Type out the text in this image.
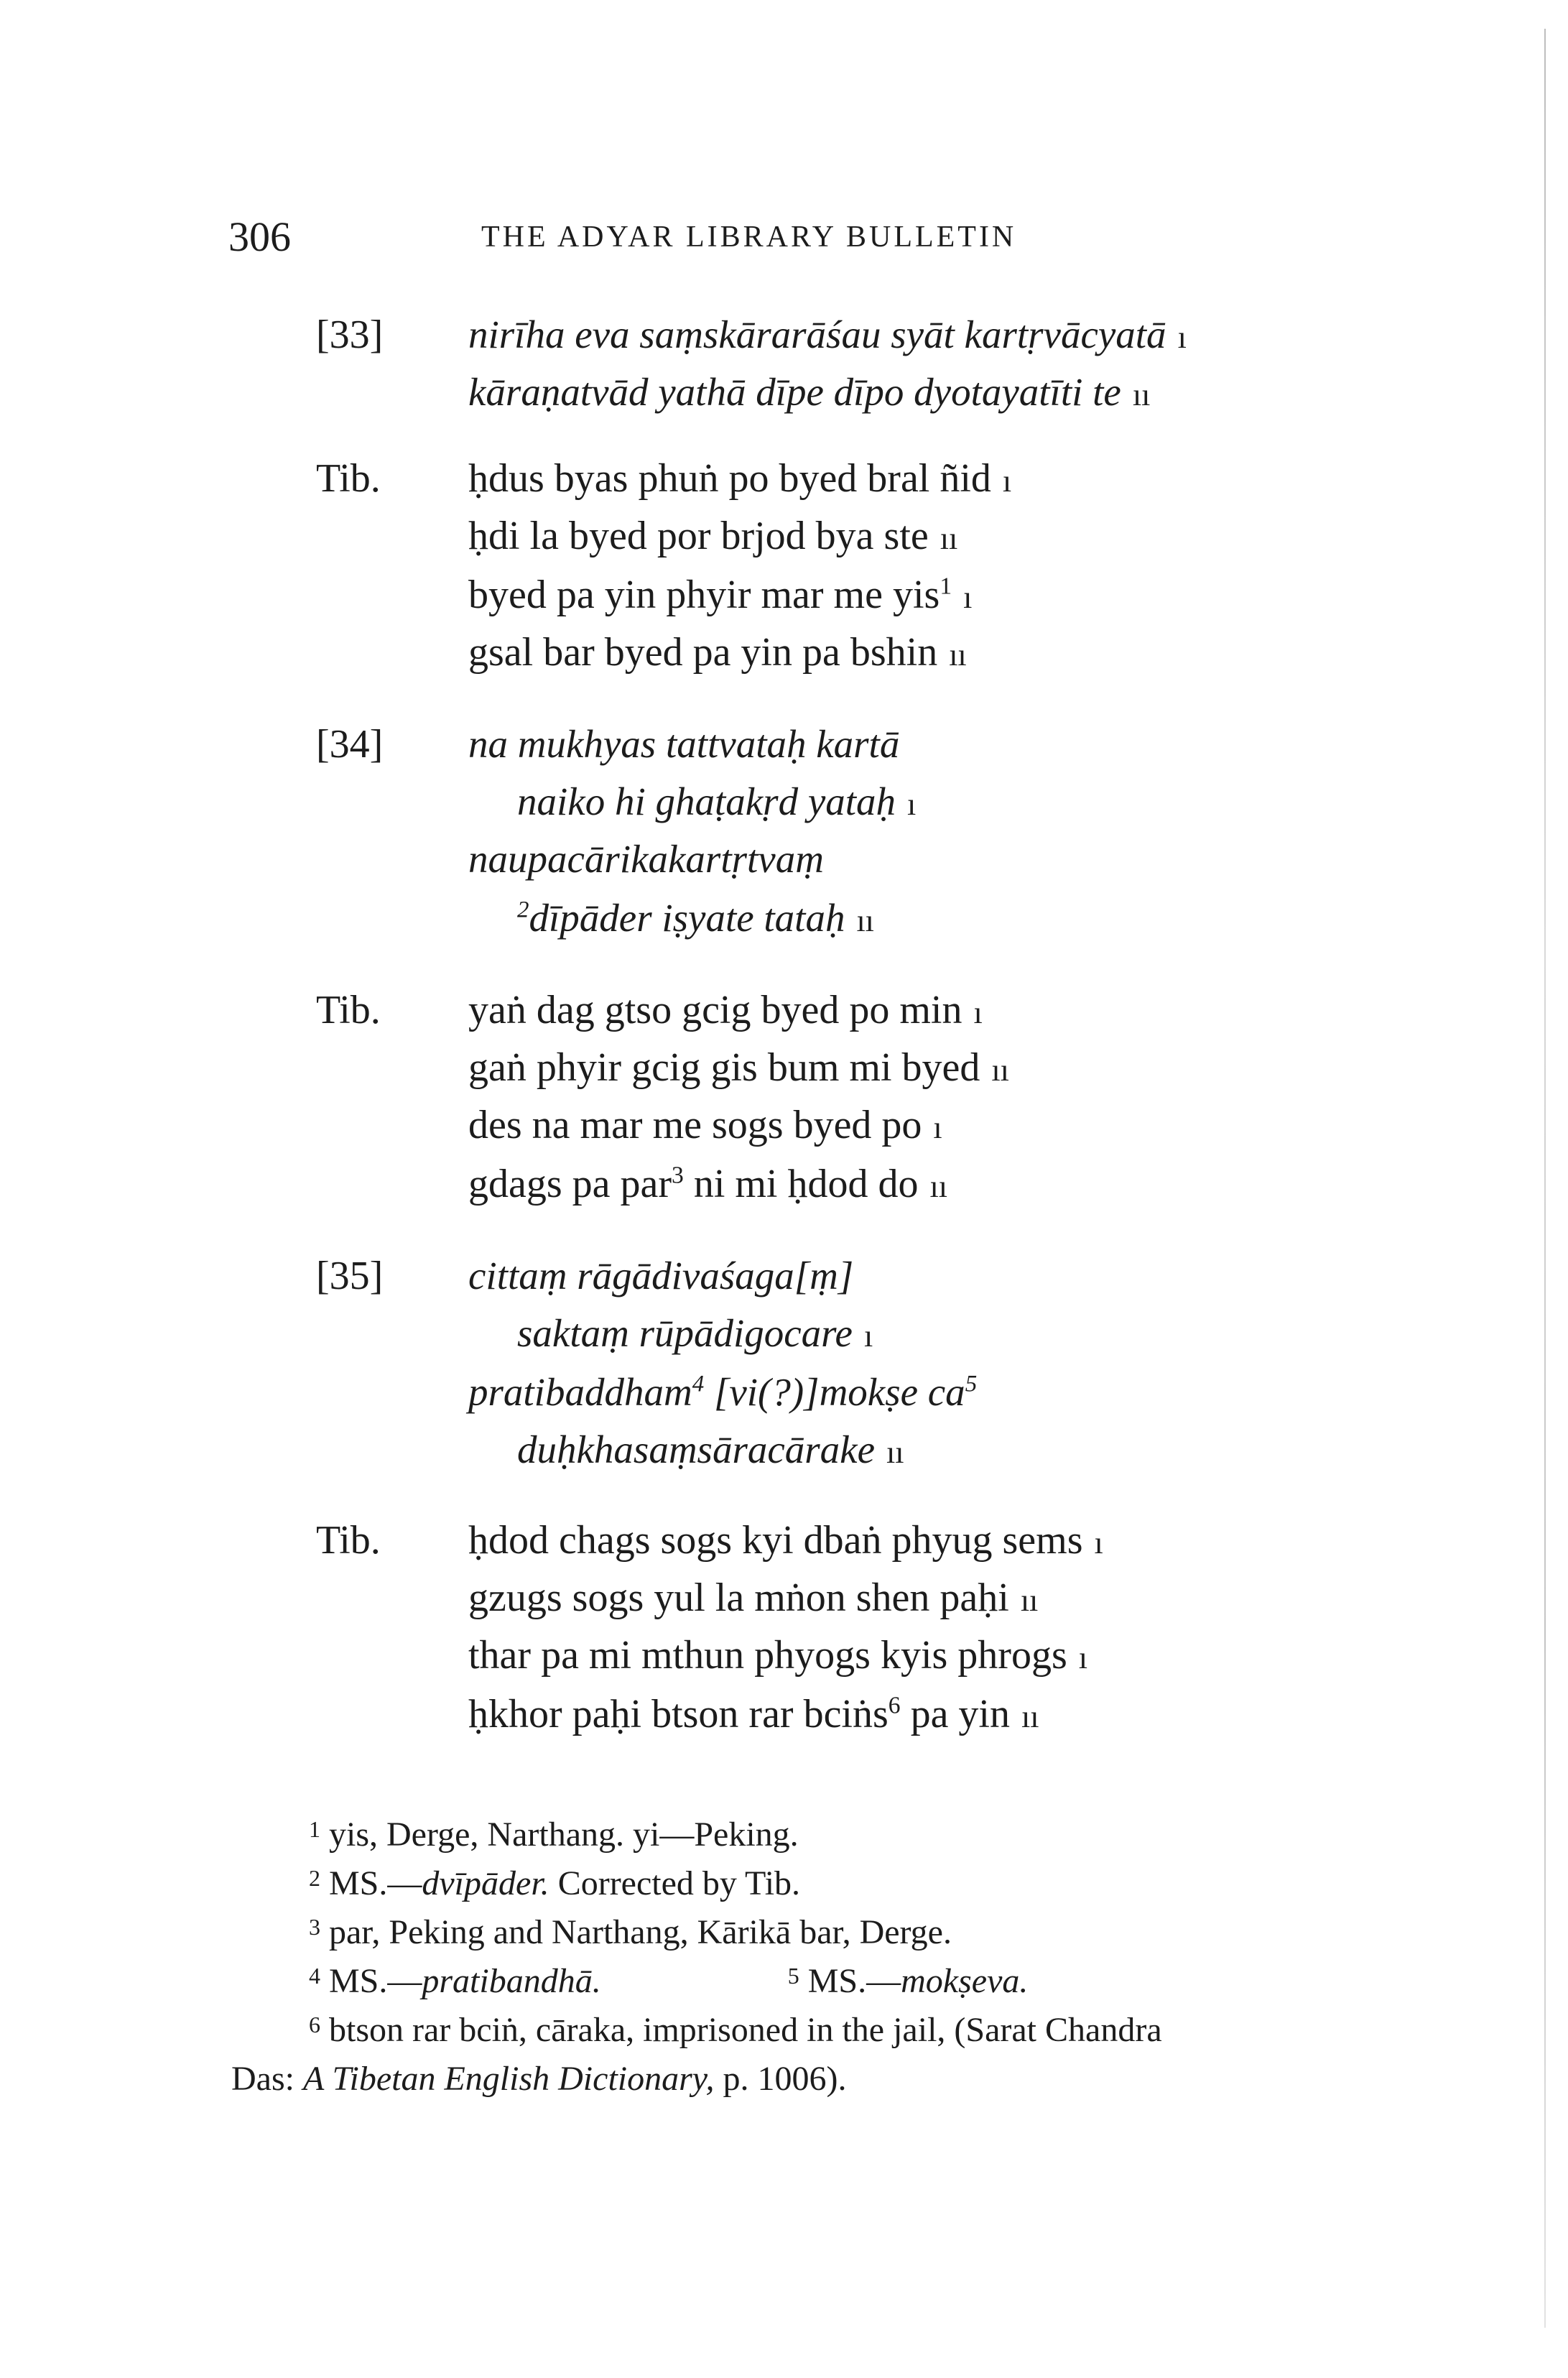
306	THE ADYAR LIBRARY BULLETIN
[33] nirīha eva saṃskārarāśau syāt kartṛvācyatā ı
kāraṇatvād yathā dīpe dīpo dyotayatīti te ıı
Tib. ḥdus byas phuṅ po byed bral ñid ı
ḥdi la byed por brjod bya ste ıı
byed pa yin phyir mar me yis$^1$ ı
gsal bar byed pa yin pa bshin ıı
[34] na mukhyas tattvataḥ kartā
naiko hi ghaṭakṛd yataḥ ı
naupacārikakartṛtvaṃ
$^2$dīpāder iṣyate tataḥ ıı
Tib. yaṅ dag gtso gcig byed po min ı
gaṅ phyir gcig gis bum mi byed ıı
des na mar me sogs byed po ı
gdags pa par$^3$ ni mi ḥdod do ıı
[35] cittaṃ rāgādivaśaga[ṃ]
saktaṃ rūpādigocare ı
pratibaddham$^4$ [vi(?)]mokṣe $ca^5$
duḥkhasaṃsāracārake ıı
Tib. ḥdod chags sogs kyi dbaṅ phyug sems ı
gzugs sogs yul la mṅon shen paḥi ıı
thar pa mi mthun phyogs kyis phrogs ı
ḥkhor paḥi btson rar bciṅs$^6$ pa yin ıı
$^1$ yis, Derge, Narthang. yi—Peking.
$^2$ MS.—dvīpāder. Corrected by Tib.
$^3$ par, Peking and Narthang, Kārikā bar, Derge.
$^4$ MS.—pratibandhā.	$^5$ MS.—mokṣeva.
$^6$ btson rar bciṅ, cāraka, imprisoned in the jail, (Sarat Chandra
Das: A Tibetan English Dictionary, p. 1006).
